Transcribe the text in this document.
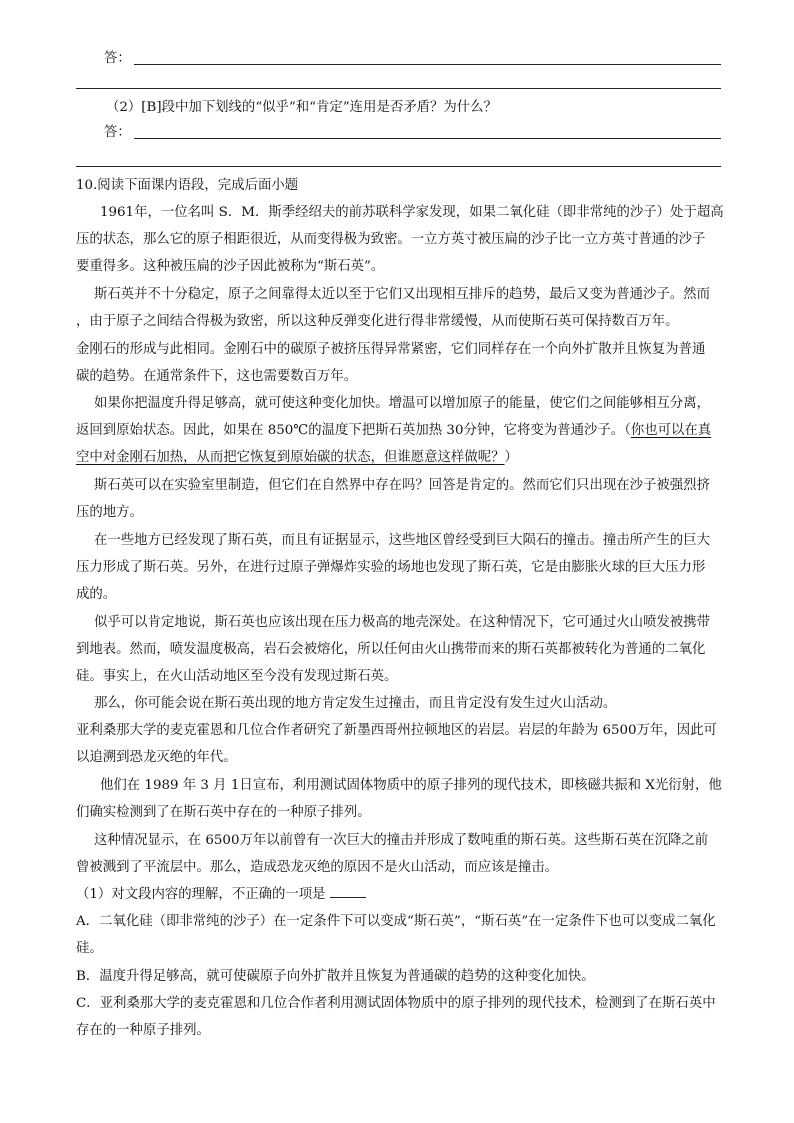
答：
（2）[B]段中加下划线的“似乎”和“肯定”连用是否矛盾？为什么？
答：
10.阅读下面课内语段，完成后面小题
1961年，一位名叫 S．M．斯季经绍夫的前苏联科学家发现，如果二氧化硅（即非常纯的沙子）处于超高
压的状态，那么它的原子相距很近，从而变得极为致密。一立方英寸被压扁的沙子比一立方英寸普通的沙子
要重得多。这种被压扁的沙子因此被称为“斯石英”。
斯石英并不十分稳定，原子之间靠得太近以至于它们又出现相互排斥的趋势，最后又变为普通沙子。然而
，由于原子之间结合得极为致密，所以这种反弹变化进行得非常缓慢，从而使斯石英可保持数百万年。
金刚石的形成与此相同。金刚石中的碳原子被挤压得异常紧密，它们同样存在一个向外扩散并且恢复为普通
碳的趋势。在通常条件下，这也需要数百万年。
如果你把温度升得足够高，就可使这种变化加快。增温可以增加原子的能量，使它们之间能够相互分离，
返回到原始状态。因此，如果在 850℃的温度下把斯石英加热 30分钟，它将变为普通沙子。（你也可以在真
空中对金刚石加热，从而把它恢复到原始碳的状态，但谁愿意这样做呢？）
斯石英可以在实验室里制造，但它们在自然界中存在吗？回答是肯定的。然而它们只出现在沙子被强烈挤
压的地方。
在一些地方已经发现了斯石英，而且有证据显示，这些地区曾经受到巨大陨石的撞击。撞击所产生的巨大
压力形成了斯石英。另外，在进行过原子弹爆炸实验的场地也发现了斯石英，它是由膨胀火球的巨大压力形
成的。
似乎可以肯定地说，斯石英也应该出现在压力极高的地壳深处。在这种情况下，它可通过火山喷发被携带
到地表。然而，喷发温度极高，岩石会被熔化，所以任何由火山携带而来的斯石英都被转化为普通的二氧化
硅。事实上，在火山活动地区至今没有发现过斯石英。
那么，你可能会说在斯石英出现的地方肯定发生过撞击，而且肯定没有发生过火山活动。
亚利桑那大学的麦克霍恩和几位合作者研究了新墨西哥州拉顿地区的岩层。岩层的年龄为 6500万年，因此可
以追溯到恐龙灭绝的年代。
他们在 1989 年 3 月 1日宣布，利用测试固体物质中的原子排列的现代技术，即核磁共振和 X光衍射，他
们确实检测到了在斯石英中存在的一种原子排列。
这种情况显示，在 6500万年以前曾有一次巨大的撞击并形成了数吨重的斯石英。这些斯石英在沉降之前
曾被溅到了平流层中。那么，造成恐龙灭绝的原因不是火山活动，而应该是撞击。
（1）对文段内容的理解，不正确的一项是
A．二氧化硅（即非常纯的沙子）在一定条件下可以变成“斯石英”，“斯石英”在一定条件下也可以变成二氧化
硅。
B．温度升得足够高，就可使碳原子向外扩散并且恢复为普通碳的趋势的这种变化加快。
C．亚利桑那大学的麦克霍恩和几位合作者利用测试固体物质中的原子排列的现代技术，检测到了在斯石英中
存在的一种原子排列。
